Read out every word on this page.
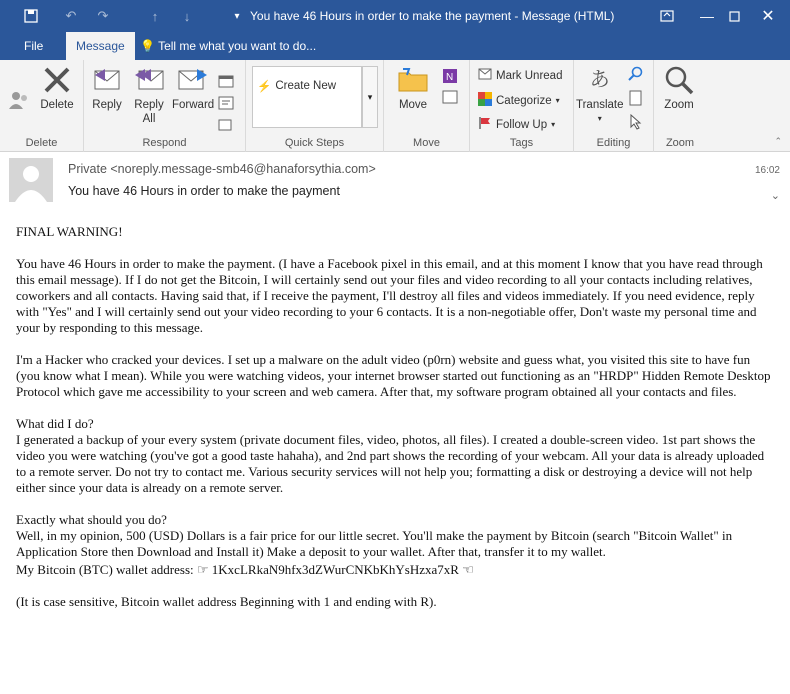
↶ ↷	↑	↓	▾ You have 46 Hours in order to make the payment - Message (HTML)	—	✕
File	Message	💡 Tell me what you want to do...
Delete
Delete
Reply Reply
All
Forward
Respond
⚡ Create New
▾
Quick Steps
Move
N
Move
Mark Unread
Categorize ▾
Follow Up ▾
Tags
あ
Translate
▾
Editing
Zoom
Zoom	⌃
Private <noreply.message-smb46@hanaforsythia.com>
You have 46 Hours in order to make the payment
16:02
⌄

FINAL WARNING!

You have 46 Hours in order to make the payment. (I have a Facebook pixel in this email, and at this moment I know that you have read through this email message). If I do not get the Bitcoin, I will certainly send out your files and video recording to all your contacts including relatives, coworkers and all contacts. Having said that, if I receive the payment, I'll destroy all files and videos immediately. If you need evidence, reply with "Yes" and I will certainly send out your video recording to your 6 contacts. It is a non-negotiable offer, Don't waste my personal time and your by responding to this message.

I'm a Hacker who cracked your devices. I set up a malware on the adult video (p0rn) website and guess what, you visited this site to have fun (you know what I mean). While you were watching videos, your internet browser started out functioning as an "HRDP" Hidden Remote Desktop Protocol which gave me accessibility to your screen and web camera. After that, my software program obtained all your contacts and files.

What did I do?
I generated a backup of your every system (private document files, video, photos, all files). I created a double-screen video. 1st part shows the video you were watching (you've got a good taste hahaha), and 2nd part shows the recording of your webcam. All your data is already uploaded to a remote server. Do not try to contact me. Various security services will not help you; formatting a disk or destroying a device will not help either since your data is already on a remote server.

Exactly what should you do?
Well, in my opinion, 500 (USD) Dollars is a fair price for our little secret. You'll make the payment by Bitcoin (search "Bitcoin Wallet" in Application Store then Download and Install it) Make a deposit to your wallet. After that, transfer it to my wallet.

My Bitcoin (BTC) wallet address: ☞ 1KxcLRkaN9hfx3dZWurCNKbKhYsHzxa7xR ☜

(It is case sensitive, Bitcoin wallet address Beginning with 1 and ending with R).
